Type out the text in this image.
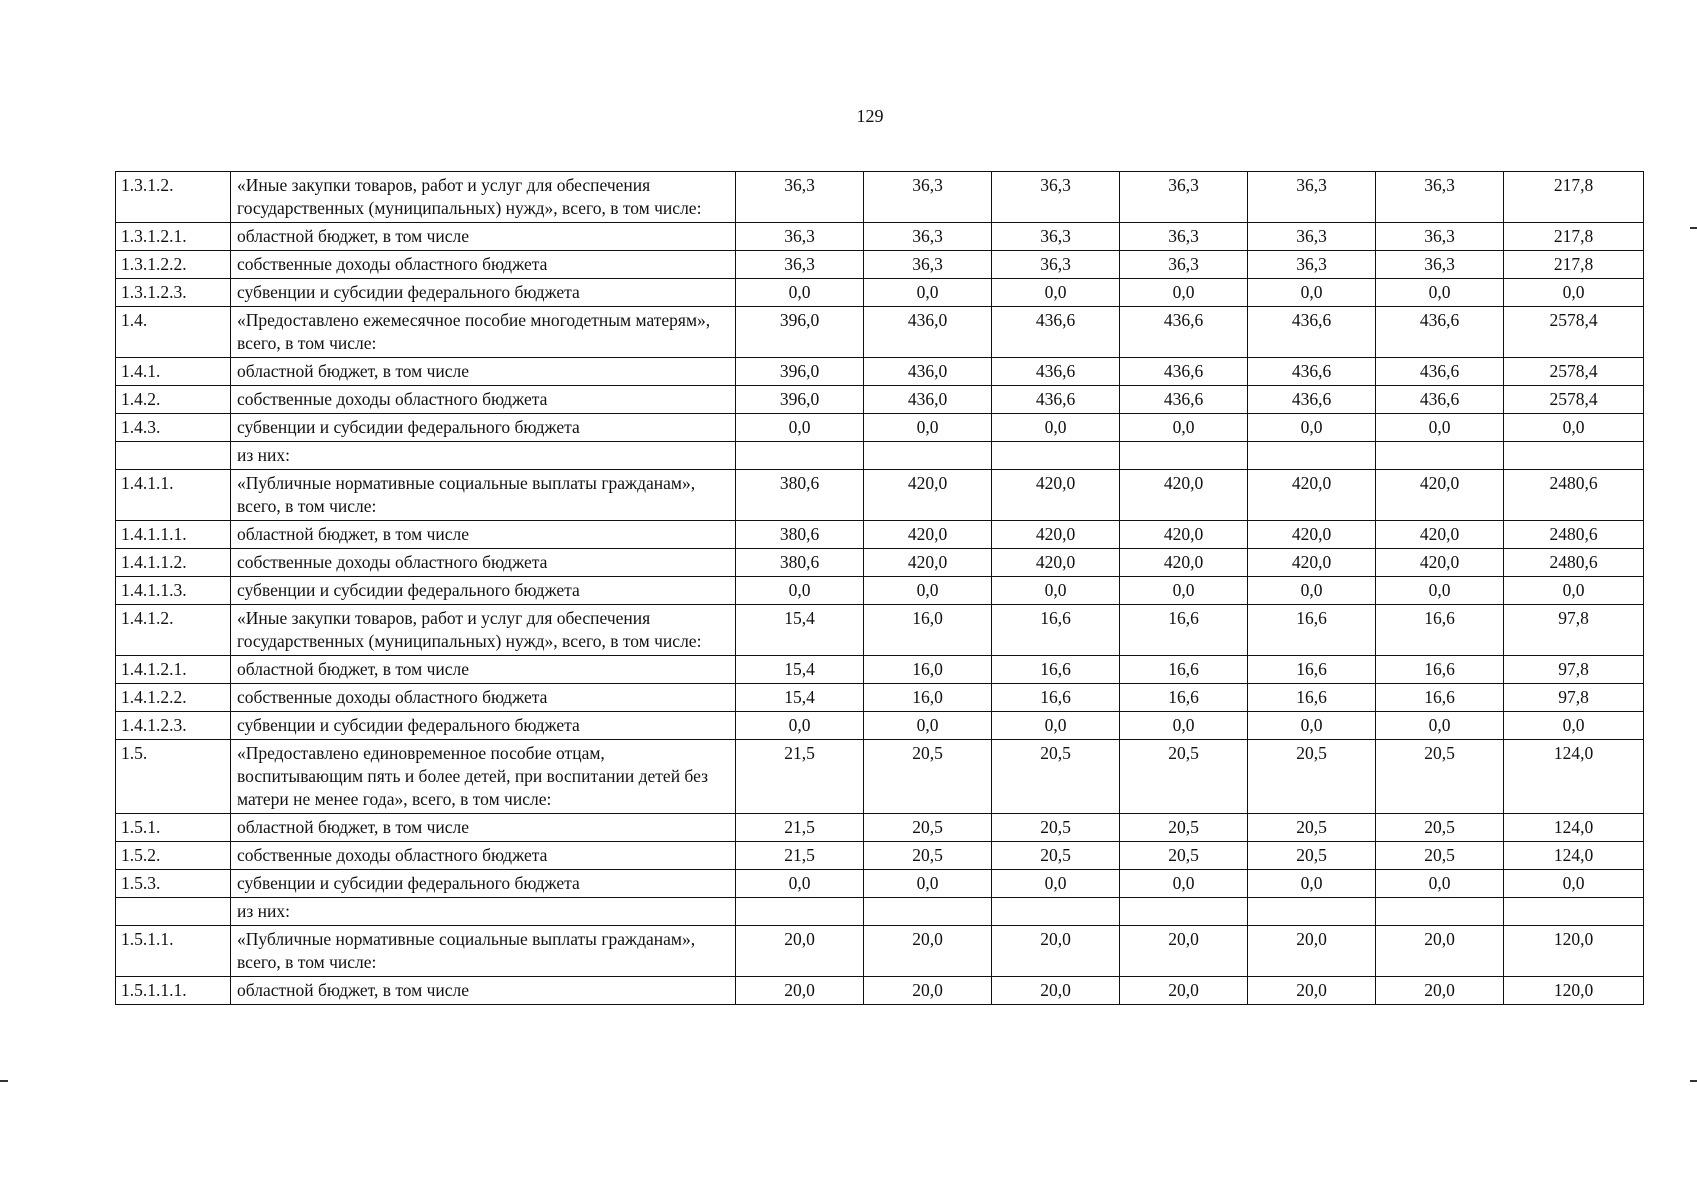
129
1.3.1.2.	«Иные закупки товаров, работ и услуг для обеспечения государственных (муниципальных) нужд», всего, в том числе:	36,3	36,3	36,3	36,3	36,3	36,3	217,8
1.3.1.2.1.	областной бюджет, в том числе	36,3	36,3	36,3	36,3	36,3	36,3	217,8
1.3.1.2.2.	собственные доходы областного бюджета	36,3	36,3	36,3	36,3	36,3	36,3	217,8
1.3.1.2.3.	субвенции и субсидии федерального бюджета	0,0	0,0	0,0	0,0	0,0	0,0	0,0
1.4.	«Предоставлено ежемесячное пособие многодетным матерям», всего, в том числе:	396,0	436,0	436,6	436,6	436,6	436,6	2578,4
1.4.1.	областной бюджет, в том числе	396,0	436,0	436,6	436,6	436,6	436,6	2578,4
1.4.2.	собственные доходы областного бюджета	396,0	436,0	436,6	436,6	436,6	436,6	2578,4
1.4.3.	субвенции и субсидии федерального бюджета	0,0	0,0	0,0	0,0	0,0	0,0	0,0
	из них:							
1.4.1.1.	«Публичные нормативные социальные выплаты гражданам», всего, в том числе:	380,6	420,0	420,0	420,0	420,0	420,0	2480,6
1.4.1.1.1.	областной бюджет, в том числе	380,6	420,0	420,0	420,0	420,0	420,0	2480,6
1.4.1.1.2.	собственные доходы областного бюджета	380,6	420,0	420,0	420,0	420,0	420,0	2480,6
1.4.1.1.3.	субвенции и субсидии федерального бюджета	0,0	0,0	0,0	0,0	0,0	0,0	0,0
1.4.1.2.	«Иные закупки товаров, работ и услуг для обеспечения государственных (муниципальных) нужд», всего, в том числе:	15,4	16,0	16,6	16,6	16,6	16,6	97,8
1.4.1.2.1.	областной бюджет, в том числе	15,4	16,0	16,6	16,6	16,6	16,6	97,8
1.4.1.2.2.	собственные доходы областного бюджета	15,4	16,0	16,6	16,6	16,6	16,6	97,8
1.4.1.2.3.	субвенции и субсидии федерального бюджета	0,0	0,0	0,0	0,0	0,0	0,0	0,0
1.5.	«Предоставлено единовременное пособие отцам, воспитывающим пять и более детей, при воспитании детей без матери не менее года», всего, в том числе:	21,5	20,5	20,5	20,5	20,5	20,5	124,0
1.5.1.	областной бюджет, в том числе	21,5	20,5	20,5	20,5	20,5	20,5	124,0
1.5.2.	собственные доходы областного бюджета	21,5	20,5	20,5	20,5	20,5	20,5	124,0
1.5.3.	субвенции и субсидии федерального бюджета	0,0	0,0	0,0	0,0	0,0	0,0	0,0
	из них:							
1.5.1.1.	«Публичные нормативные социальные выплаты гражданам», всего, в том числе:	20,0	20,0	20,0	20,0	20,0	20,0	120,0
1.5.1.1.1.	областной бюджет, в том числе	20,0	20,0	20,0	20,0	20,0	20,0	120,0
